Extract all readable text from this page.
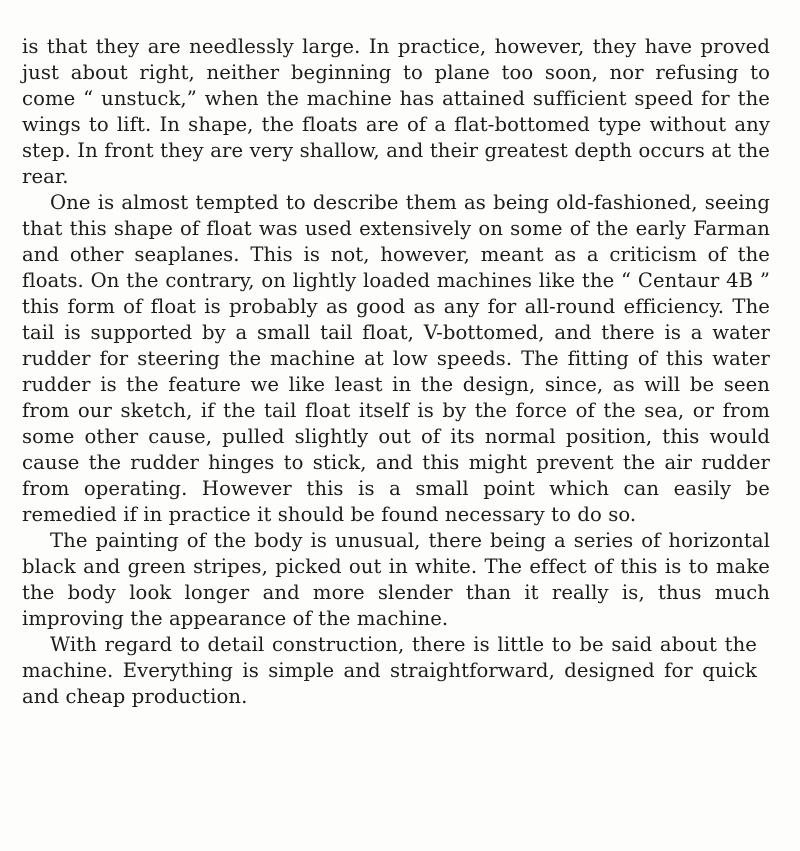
is that they are needlessly large. In practice, however, they have proved just about right, neither beginning to plane too soon, nor refusing to come “ unstuck,” when the machine has attained sufficient speed for the wings to lift. In shape, the floats are of a flat-bottomed type without any step. In front they are very shallow, and their greatest depth occurs at the rear.

One is almost tempted to describe them as being old-fashioned, seeing that this shape of float was used extensively on some of the early Farman and other seaplanes. This is not, however, meant as a criticism of the floats. On the contrary, on lightly loaded machines like the “ Centaur 4B ” this form of float is probably as good as any for all-round efficiency. The tail is supported by a small tail float, V-bottomed, and there is a water rudder for steering the machine at low speeds. The fitting of this water rudder is the feature we like least in the design, since, as will be seen from our sketch, if the tail float itself is by the force of the sea, or from some other cause, pulled slightly out of its normal position, this would cause the rudder hinges to stick, and this might prevent the air rudder from operating. However this is a small point which can easily be remedied if in practice it should be found necessary to do so.

The painting of the body is unusual, there being a series of horizontal black and green stripes, picked out in white. The effect of this is to make the body look longer and more slender than it really is, thus much improving the appearance of the machine.

With regard to detail construction, there is little to be said about the machine. Everything is simple and straightforward, designed for quick and cheap production.
